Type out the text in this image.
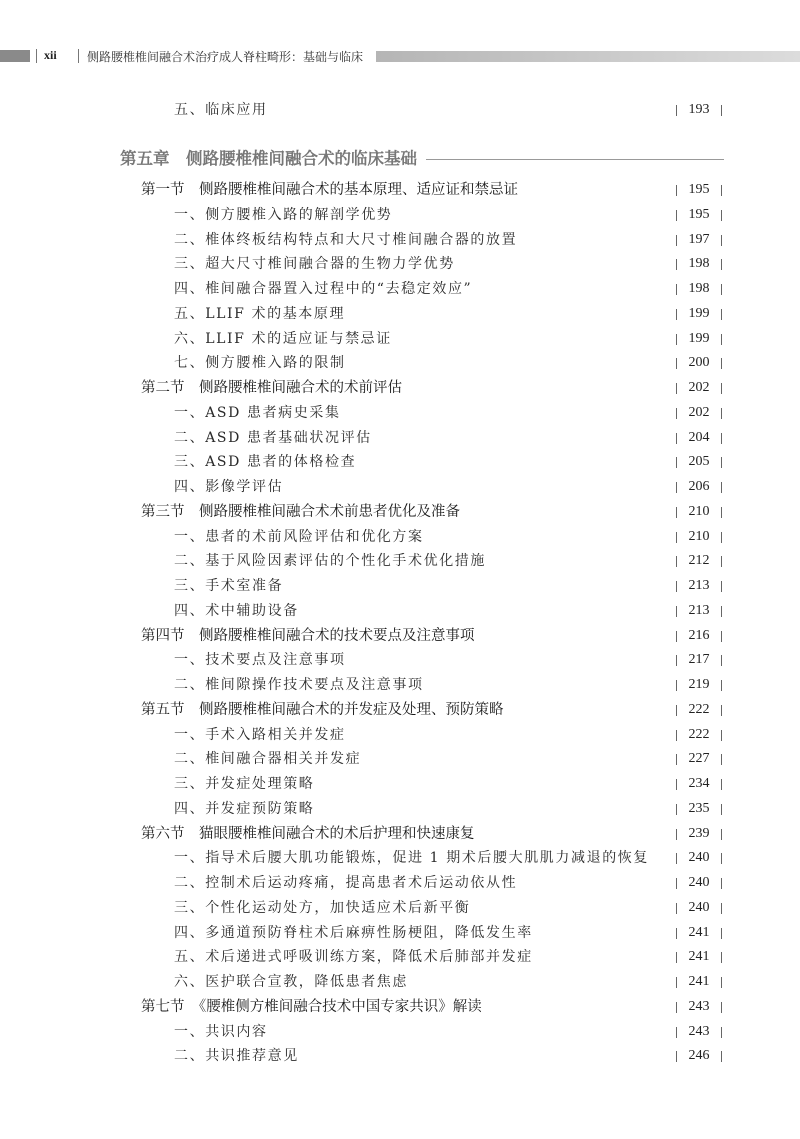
xii	侧路腰椎椎间融合术治疗成人脊柱畸形：基础与临床
五、临床应用	193
第五章　侧路腰椎椎间融合术的临床基础
第一节　侧路腰椎椎间融合术的基本原理、适应证和禁忌证	195
一、侧方腰椎入路的解剖学优势	195
二、椎体终板结构特点和大尺寸椎间融合器的放置	197
三、超大尺寸椎间融合器的生物力学优势	198
四、椎间融合器置入过程中的“去稳定效应”	198
五、LLIF 术的基本原理	199
六、LLIF 术的适应证与禁忌证	199
七、侧方腰椎入路的限制	200
第二节　侧路腰椎椎间融合术的术前评估	202
一、ASD 患者病史采集	202
二、ASD 患者基础状况评估	204
三、ASD 患者的体格检查	205
四、影像学评估	206
第三节　侧路腰椎椎间融合术术前患者优化及准备	210
一、患者的术前风险评估和优化方案	210
二、基于风险因素评估的个性化手术优化措施	212
三、手术室准备	213
四、术中辅助设备	213
第四节　侧路腰椎椎间融合术的技术要点及注意事项	216
一、技术要点及注意事项	217
二、椎间隙操作技术要点及注意事项	219
第五节　侧路腰椎椎间融合术的并发症及处理、预防策略	222
一、手术入路相关并发症	222
二、椎间融合器相关并发症	227
三、并发症处理策略	234
四、并发症预防策略	235
第六节　猫眼腰椎椎间融合术的术后护理和快速康复	239
一、指导术后腰大肌功能锻炼，促进 1 期术后腰大肌肌力减退的恢复	240
二、控制术后运动疼痛，提高患者术后运动依从性	240
三、个性化运动处方，加快适应术后新平衡	240
四、多通道预防脊柱术后麻痹性肠梗阻，降低发生率	241
五、术后递进式呼吸训练方案，降低术后肺部并发症	241
六、医护联合宣教，降低患者焦虑	241
第七节　《腰椎侧方椎间融合技术中国专家共识》解读	243
一、共识内容	243
二、共识推荐意见	246
